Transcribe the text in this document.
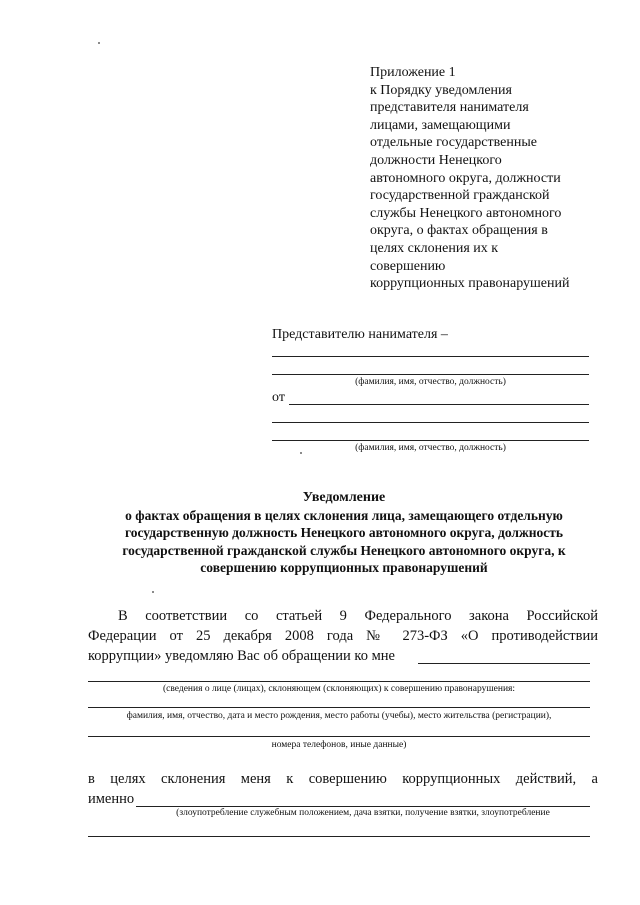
Приложение 1
к Порядку уведомления
представителя нанимателя
лицами, замещающими
отдельные государственные
должности Ненецкого
автономного округа, должности
государственной гражданской
службы Ненецкого автономного
округа, о фактах обращения в
целях склонения их к
совершению
коррупционных правонарушений
Представителю нанимателя –
(фамилия, имя, отчество, должность)
от
(фамилия, имя, отчество, должность)
Уведомление
о фактах обращения в целях склонения лица, замещающего отдельную
государственную должность Ненецкого автономного округа, должность
государственной гражданской службы Ненецкого автономного округа, к
совершению коррупционных правонарушений
В соответствии со статьей 9 Федерального закона Российской
Федерации от 25 декабря 2008 года № 273-ФЗ «О противодействии
коррупции» уведомляю Вас об обращении ко мне
(сведения о лице (лицах), склоняющем (склоняющих) к совершению правонарушения:
фамилия, имя, отчество, дата и место рождения, место работы (учебы), место жительства (регистрации),
номера телефонов, иные данные)
в целях склонения меня к совершению коррупционных действий, а
именно
(злоупотребление служебным положением, дача взятки, получение взятки, злоупотребление
